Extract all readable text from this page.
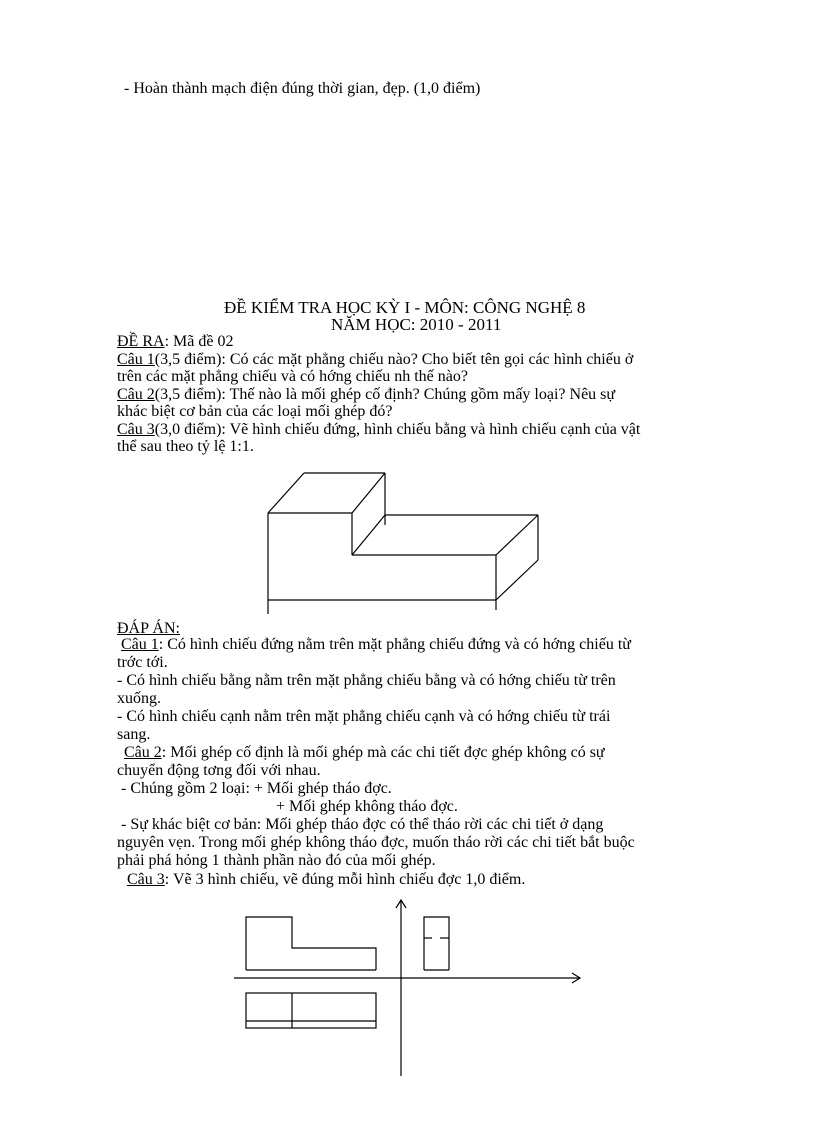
- Hoàn thành mạch điện đúng thời gian, đẹp. (1,0 điểm)
ĐỀ KIỂM TRA HỌC KỲ I - MÔN: CÔNG NGHỆ 8
NĂM HỌC: 2010 - 2011
ĐỀ RA: Mã đề 02
Câu 1(3,5 điểm): Có các mặt phẳng chiếu nào? Cho biết tên gọi các hình chiếu ở
trên các mặt phẳng chiếu và có hớng chiếu nh thế nào?
Câu 2(3,5 điểm): Thế nào là mối ghép cố định? Chúng gồm mấy loại? Nêu sự
khác biệt cơ bản của các loại mối ghép đó?
Câu 3(3,0 điểm): Vẽ hình chiếu đứng, hình chiếu bằng và hình chiếu cạnh của vật
thể sau theo tỷ lệ 1:1.
ĐÁP ÁN:
Câu 1: Có hình chiếu đứng nằm trên mặt phẳng chiếu đứng và có hớng chiếu từ
trớc tới.
- Có hình chiếu bằng nằm trên mặt phẳng chiếu bằng và có hớng chiếu từ trên
xuống.
- Có hình chiếu cạnh nằm trên mặt phẳng chiếu cạnh và có hớng chiếu từ trái
sang.
Câu 2: Mối ghép cố định là mối ghép mà các chi tiết đợc ghép không có sự
chuyển động tơng đối với nhau.
- Chúng gồm 2 loại: + Mối ghép tháo đợc.
+ Mối ghép không tháo đợc.
- Sự khác biệt cơ bản: Mối ghép tháo đợc có thể tháo rời các chi tiết ở dạng
nguyên vẹn. Trong mối ghép không tháo đợc, muốn tháo rời các chi tiết bắt buộc
phải phá hỏng 1 thành phần nào đó của mối ghép.
Câu 3: Vẽ 3 hình chiếu, vẽ đúng mỗi hình chiếu đợc 1,0 điểm.
